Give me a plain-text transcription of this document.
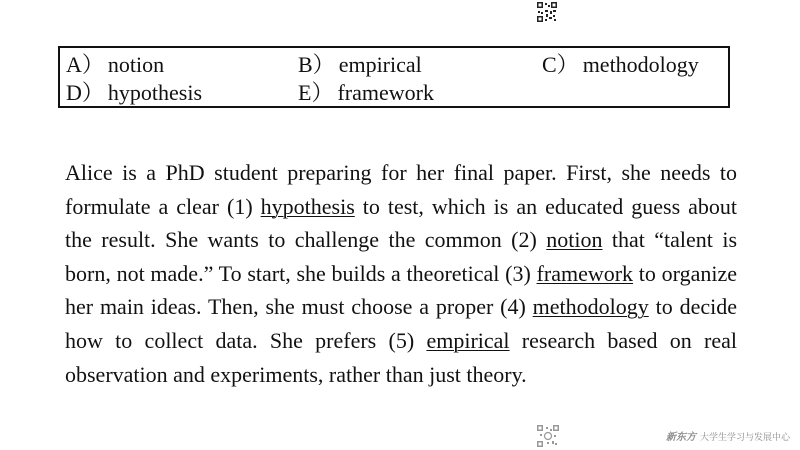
A） notion	B） empirical	C） methodology
D） hypothesis	E） framework
Alice is a PhD student preparing for her final paper. First, she needs to formulate a clear (1) hypothesis to test, which is an educated guess about the result. She wants to challenge the common (2) notion that “talent is born, not made.” To start, she builds a theoretical (3) framework to organize her main ideas. Then, she must choose a proper (4) methodology to decide how to collect data. She prefers (5) empirical research based on real observation and experiments, rather than just theory.
新东方 大学生学习与发展中心
